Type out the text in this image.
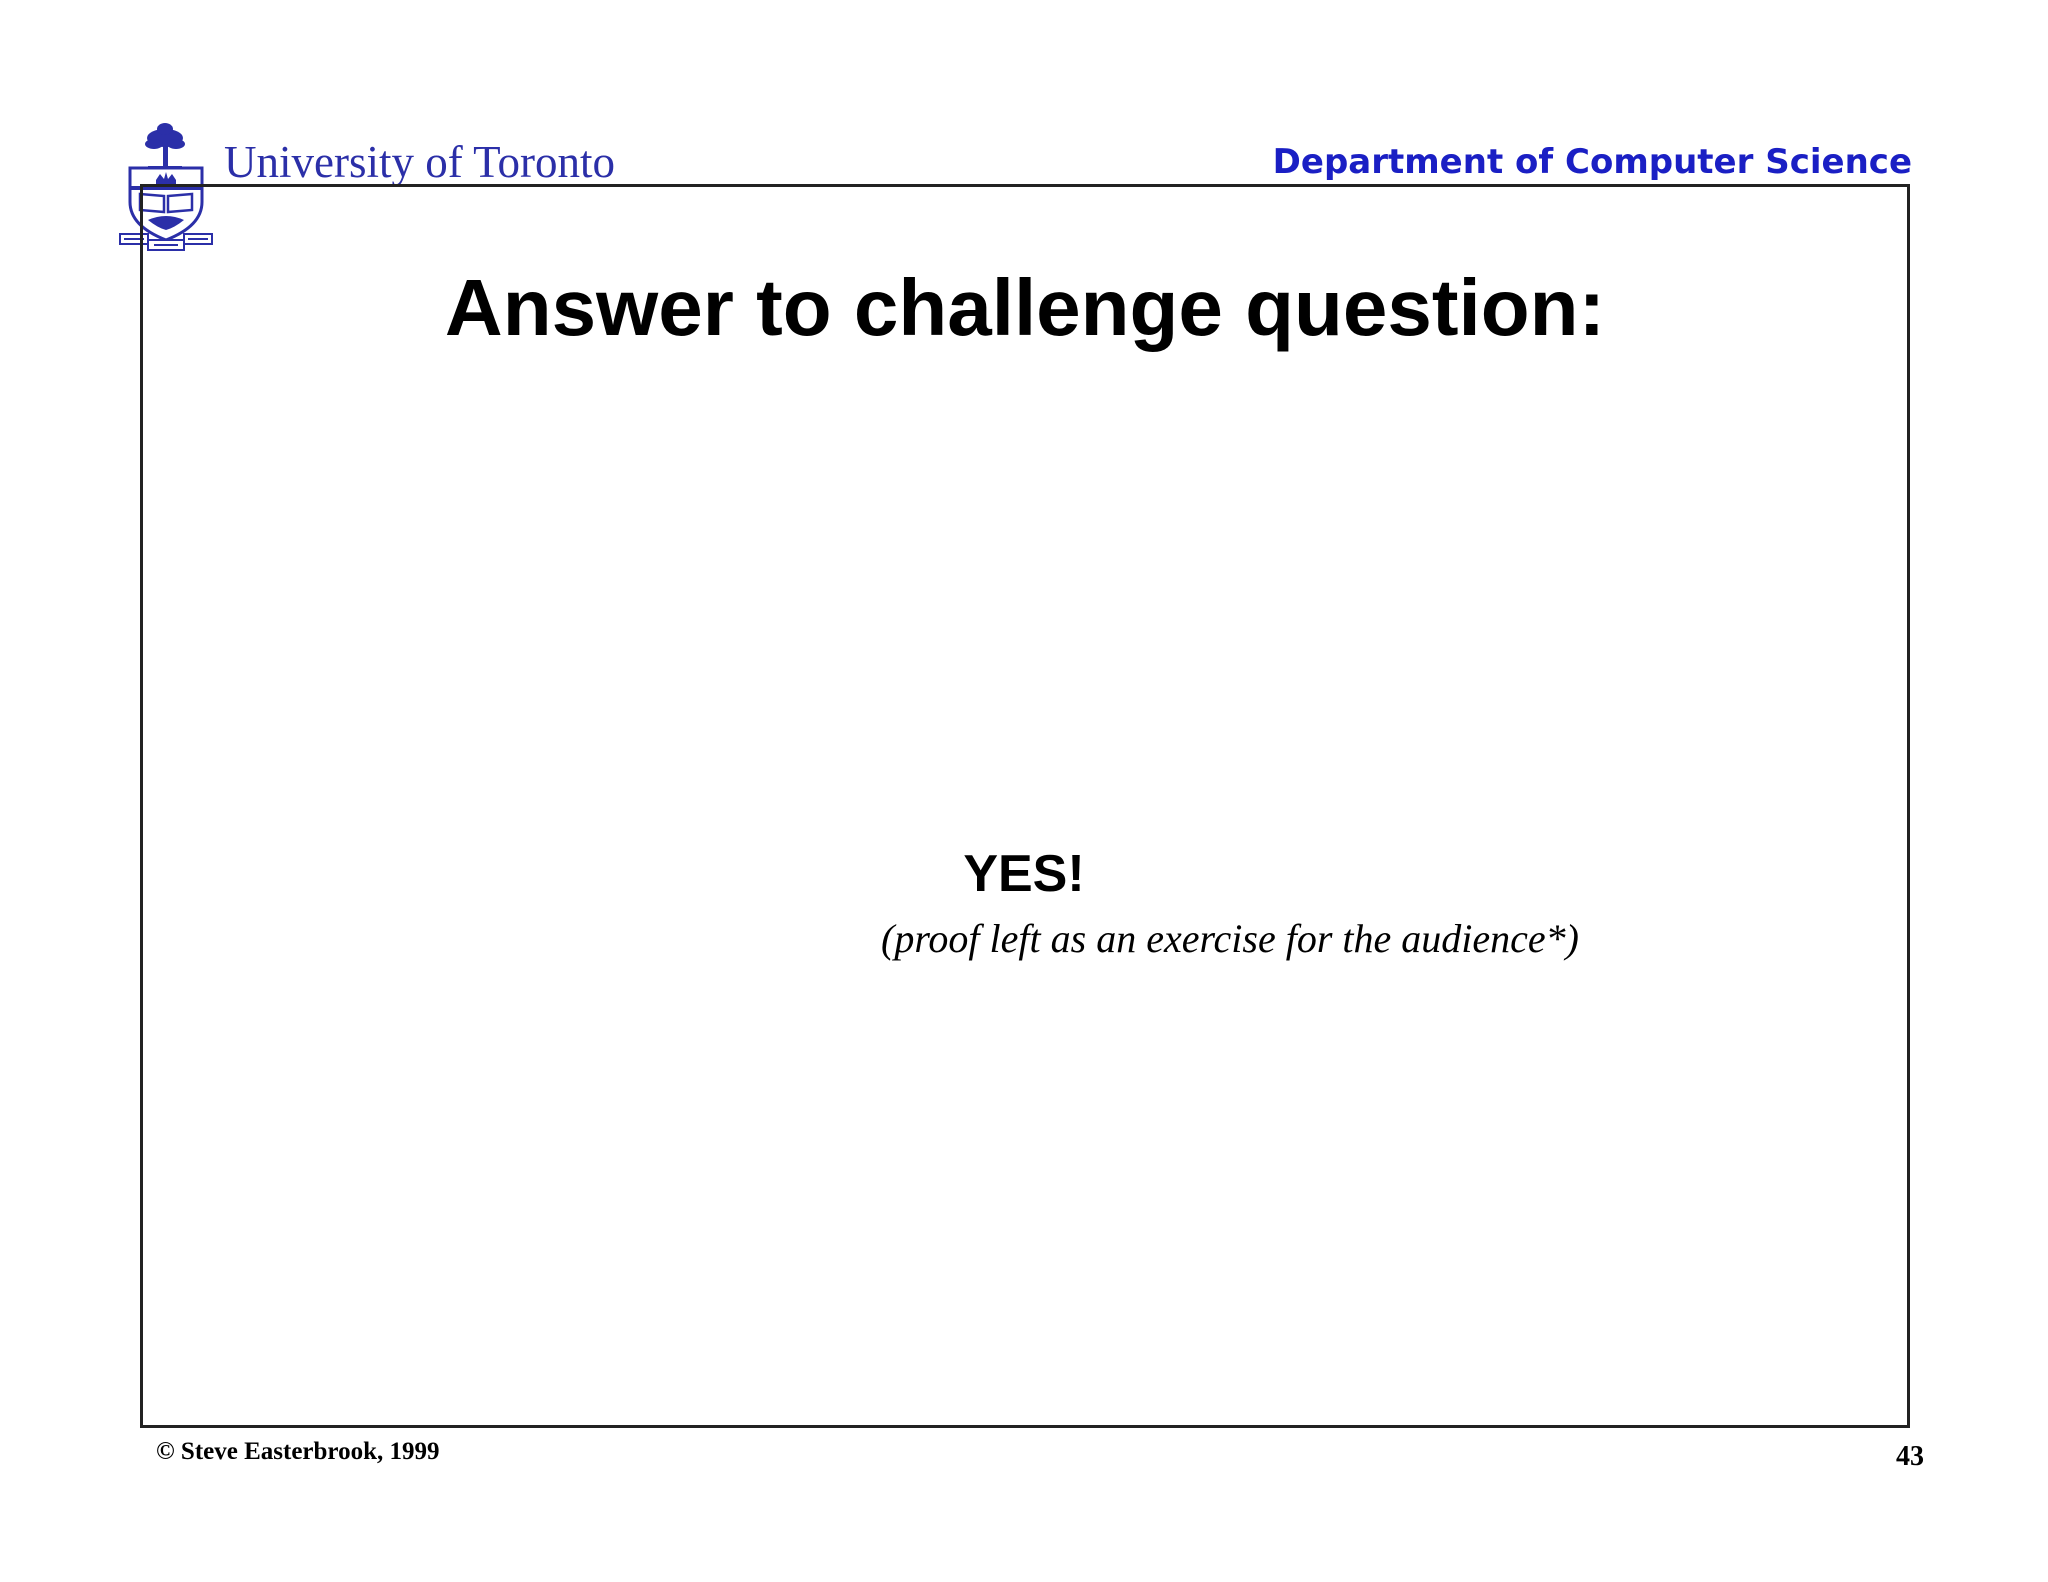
University of Toronto	Department of Computer Science
Answer to challenge question:
YES!
(proof left as an exercise for the audience*)
© Steve Easterbrook, 1999	43
